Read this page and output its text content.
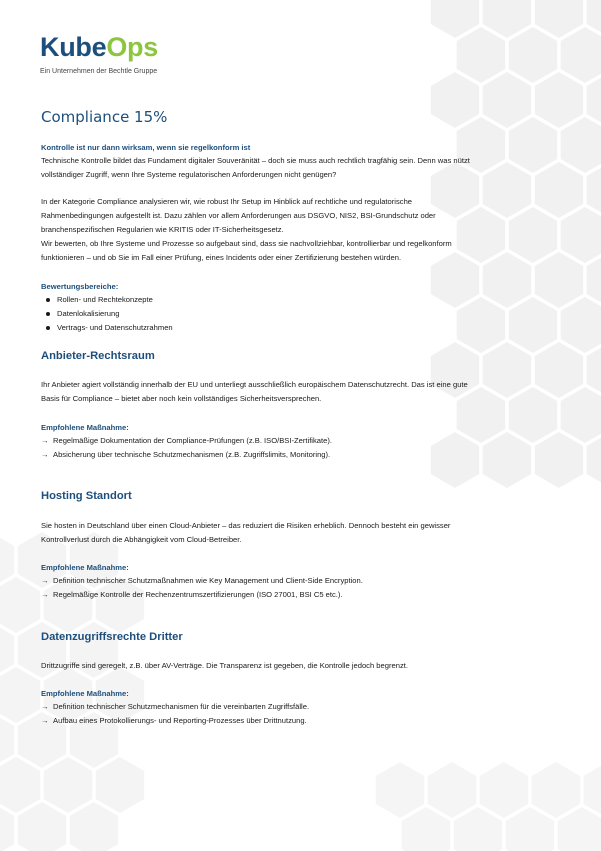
KubeOps
Ein Unternehmen der Bechtle Gruppe
Compliance 15%
Kontrolle ist nur dann wirksam, wenn sie regelkonform ist
Technische Kontrolle bildet das Fundament digitaler Souveränität – doch sie muss auch rechtlich tragfähig sein. Denn was nützt
vollständiger Zugriff, wenn Ihre Systeme regulatorischen Anforderungen nicht genügen?
In der Kategorie Compliance analysieren wir, wie robust Ihr Setup im Hinblick auf rechtliche und regulatorische
Rahmenbedingungen aufgestellt ist. Dazu zählen vor allem Anforderungen aus DSGVO, NIS2, BSI-Grundschutz oder
branchenspezifischen Regularien wie KRITIS oder IT-Sicherheitsgesetz.
Wir bewerten, ob Ihre Systeme und Prozesse so aufgebaut sind, dass sie nachvollziehbar, kontrollierbar und regelkonform
funktionieren – und ob Sie im Fall einer Prüfung, eines Incidents oder einer Zertifizierung bestehen würden.
Bewertungsbereiche:
Rollen- und Rechtekonzepte
Datenlokalisierung
Vertrags- und Datenschutzrahmen
Anbieter-Rechtsraum
Ihr Anbieter agiert vollständig innerhalb der EU und unterliegt ausschließlich europäischem Datenschutzrecht. Das ist eine gute
Basis für Compliance – bietet aber noch kein vollständiges Sicherheitsversprechen.
Empfohlene Maßnahme:
→ Regelmäßige Dokumentation der Compliance-Prüfungen (z.B. ISO/BSI-Zertifikate).
→ Absicherung über technische Schutzmechanismen (z.B. Zugriffslimits, Monitoring).
Hosting Standort
Sie hosten in Deutschland über einen Cloud-Anbieter – das reduziert die Risiken erheblich. Dennoch besteht ein gewisser
Kontrollverlust durch die Abhängigkeit vom Cloud-Betreiber.
Empfohlene Maßnahme:
→ Definition technischer Schutzmaßnahmen wie Key Management und Client-Side Encryption.
→ Regelmäßige Kontrolle der Rechenzentrumszertifizierungen (ISO 27001, BSI C5 etc.).
Datenzugriffsrechte Dritter
Drittzugriffe sind geregelt, z.B. über AV-Verträge. Die Transparenz ist gegeben, die Kontrolle jedoch begrenzt.
Empfohlene Maßnahme:
→ Definition technischer Schutzmechanismen für die vereinbarten Zugriffsfälle.
→ Aufbau eines Protokollierungs- und Reporting-Prozesses über Drittnutzung.
